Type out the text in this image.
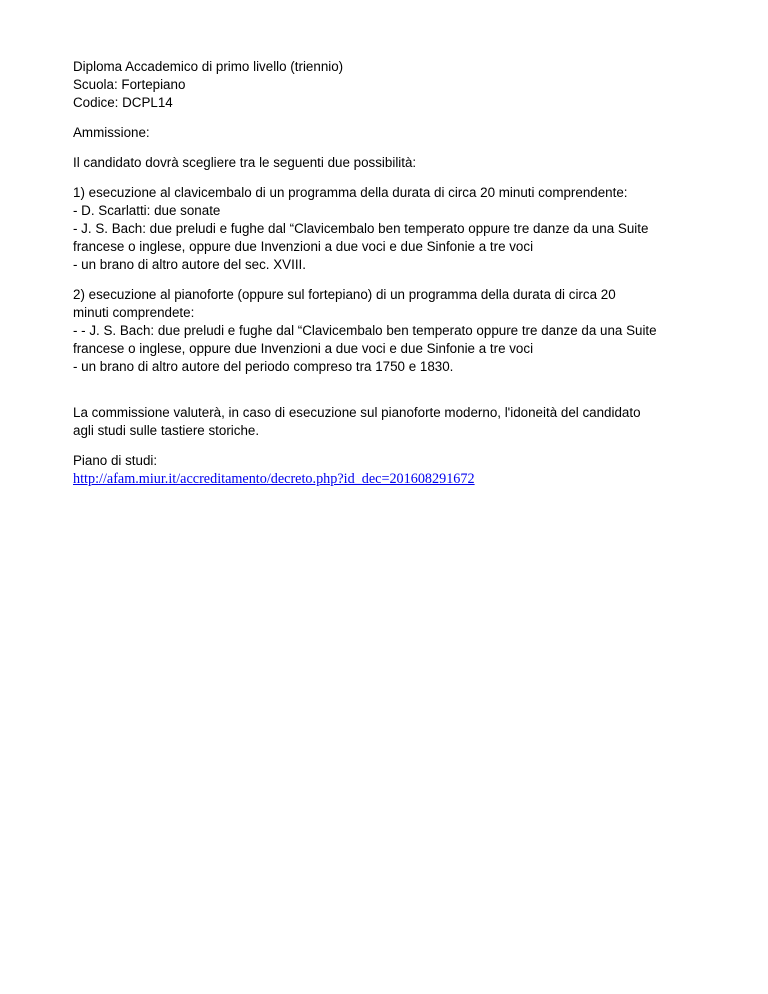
Diploma Accademico di primo livello (triennio)
Scuola: Fortepiano
Codice: DCPL14
Ammissione:
Il candidato dovrà scegliere tra le seguenti due possibilità:
1) esecuzione al clavicembalo di un programma della durata di circa 20 minuti comprendente:
- D. Scarlatti: due sonate
- J. S. Bach: due preludi e fughe dal “Clavicembalo ben temperato oppure tre danze da una Suite
francese o inglese, oppure due Invenzioni a due voci e due Sinfonie a tre voci
- un brano di altro autore del sec. XVIII.
2) esecuzione al pianoforte (oppure sul fortepiano) di un programma della durata di circa 20
minuti comprendete:
- - J. S. Bach: due preludi e fughe dal “Clavicembalo ben temperato oppure tre danze da una Suite
francese o inglese, oppure due Invenzioni a due voci e due Sinfonie a tre voci
- un brano di altro autore del periodo compreso tra 1750 e 1830.
La commissione valuterà, in caso di esecuzione sul pianoforte moderno, l'idoneità del candidato
agli studi sulle tastiere storiche.
Piano di studi:
http://afam.miur.it/accreditamento/decreto.php?id_dec=201608291672
